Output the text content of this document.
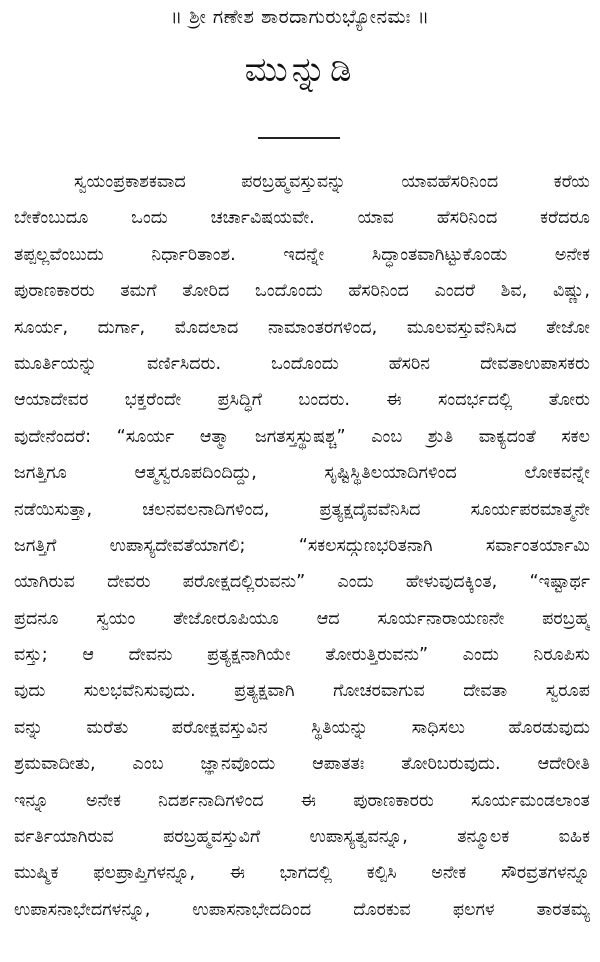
॥ ಶ್ರೀ ಗಣೇಶ ಶಾರದಾಗುರುಭ್ಯೋನಮಃ ॥
ಮುನ್ನುಡಿ
ಸ್ವಯಂಪ್ರಕಾಶಕವಾದ ಪರಬ್ರಹ್ಮವಸ್ತುವನ್ನು ಯಾವಹೆಸರಿನಿಂದ ಕರೆಯ
ಬೇಕೆಂಬುದೂ ಒಂದು ಚರ್ಚಾವಿಷಯವೇ. ಯಾವ ಹೆಸರಿನಿಂದ ಕರೆದರೂ
ತಪ್ಪಲ್ಲವೆಂಬುದು ನಿರ್ಧಾರಿತಾಂಶ. ಇದನ್ನೇ ಸಿದ್ಧಾಂತವಾಗಿಟ್ಟುಕೊಂಡು ಅನೇಕ
ಪುರಾಣಕಾರರು ತಮಗೆ ತೋರಿದ ಒಂದೊಂದು ಹೆಸರಿನಿಂದ ಎಂದರೆ ಶಿವ, ವಿಷ್ಣು,
ಸೂರ್ಯ, ದುರ್ಗಾ, ಮೊದಲಾದ ನಾಮಾಂತರಗಳಿಂದ, ಮೂಲವಸ್ತುವೆನಿಸಿದ ತೇಜೋ
ಮೂರ್ತಿಯನ್ನು ವರ್ಣಿಸಿದರು. ಒಂದೊಂದು ಹೆಸರಿನ ದೇವತಾಉಪಾಸಕರು
ಆಯಾದೇವರ ಭಕ್ತರೆಂದೇ ಪ್ರಸಿದ್ಧಿಗೆ ಬಂದರು. ಈ ಸಂದರ್ಭದಲ್ಲಿ ತೋರು
ವುದೇನೆಂದರೆ: “ಸೂರ್ಯ ಆತ್ಮಾ ಜಗತಸ್ತಸ್ಥುಷಶ್ಚ” ಎಂಬ ಶ್ರುತಿ ವಾಕ್ಯದಂತೆ ಸಕಲ
ಜಗತ್ತಿಗೂ ಆತ್ಮಸ್ವರೂಪದಿಂದಿದ್ದು, ಸೃಷ್ಟಿಸ್ಥಿತಿಲಯಾದಿಗಳಿಂದ ಲೋಕವನ್ನೇ
ನಡೆಯಿಸುತ್ತಾ, ಚಲನವಲನಾದಿಗಳಿಂದ, ಪ್ರತ್ಯಕ್ಷದೈವವೆನಿಸಿದ ಸೂರ್ಯಪರಮಾತ್ಮನೇ
ಜಗತ್ತಿಗೆ ಉಪಾಸ್ಯದೇವತೆಯಾಗಲಿ; “ಸಕಲಸದ್ಗುಣಭರಿತನಾಗಿ ಸರ್ವಾಂತರ್ಯಾಮಿ
ಯಾಗಿರುವ ದೇವರು ಪರೋಕ್ಷದಲ್ಲಿರುವನು” ಎಂದು ಹೇಳುವುದಕ್ಕಿಂತ, “ಇಷ್ಟಾರ್ಥ
ಪ್ರದನೂ ಸ್ವಯಂ ತೇಜೋರೂಪಿಯೂ ಆದ ಸೂರ್ಯನಾರಾಯಣನೇ ಪರಬ್ರಹ್ಮ
ವಸ್ತು; ಆ ದೇವನು ಪ್ರತ್ಯಕ್ಷನಾಗಿಯೇ ತೋರುತ್ತಿರುವನು” ಎಂದು ನಿರೂಪಿಸು
ವುದು ಸುಲಭವೆನಿಸುವುದು. ಪ್ರತ್ಯಕ್ಷವಾಗಿ ಗೋಚರವಾಗುವ ದೇವತಾ ಸ್ವರೂಪ
ವನ್ನು ಮರೆತು ಪರೋಕ್ಷವಸ್ತುವಿನ ಸ್ಥಿತಿಯನ್ನು ಸಾಧಿಸಲು ಹೊರಡುವುದು
ಶ್ರಮವಾದೀತು, ಎಂಬ ಜ್ಞಾನವೊಂದು ಆಪಾತತಃ ತೋರಿಬರುವುದು. ಆದೇರೀತಿ
ಇನ್ನೂ ಅನೇಕ ನಿದರ್ಶನಾದಿಗಳಿಂದ ಈ ಪುರಾಣಕಾರರು ಸೂರ್ಯಮಂಡಲಾಂತ
ರ್ವರ್ತಿಯಾಗಿರುವ ಪರಬ್ರಹ್ಮವಸ್ತುವಿಗೆ ಉಪಾಸ್ಯತ್ವವನ್ನೂ, ತನ್ಮೂಲಕ ಐಹಿಕ
ಮುಷ್ಮಿಕ ಫಲಪ್ರಾಪ್ತಿಗಳನ್ನೂ, ಈ ಭಾಗದಲ್ಲಿ ಕಲ್ಪಿಸಿ ಅನೇಕ ಸೌರವ್ರತಗಳನ್ನೂ
ಉಪಾಸನಾಭೇದಗಳನ್ನೂ, ಉಪಾಸನಾಭೇದದಿಂದ ದೊರಕುವ ಫಲಗಳ ತಾರತಮ್ಯ
